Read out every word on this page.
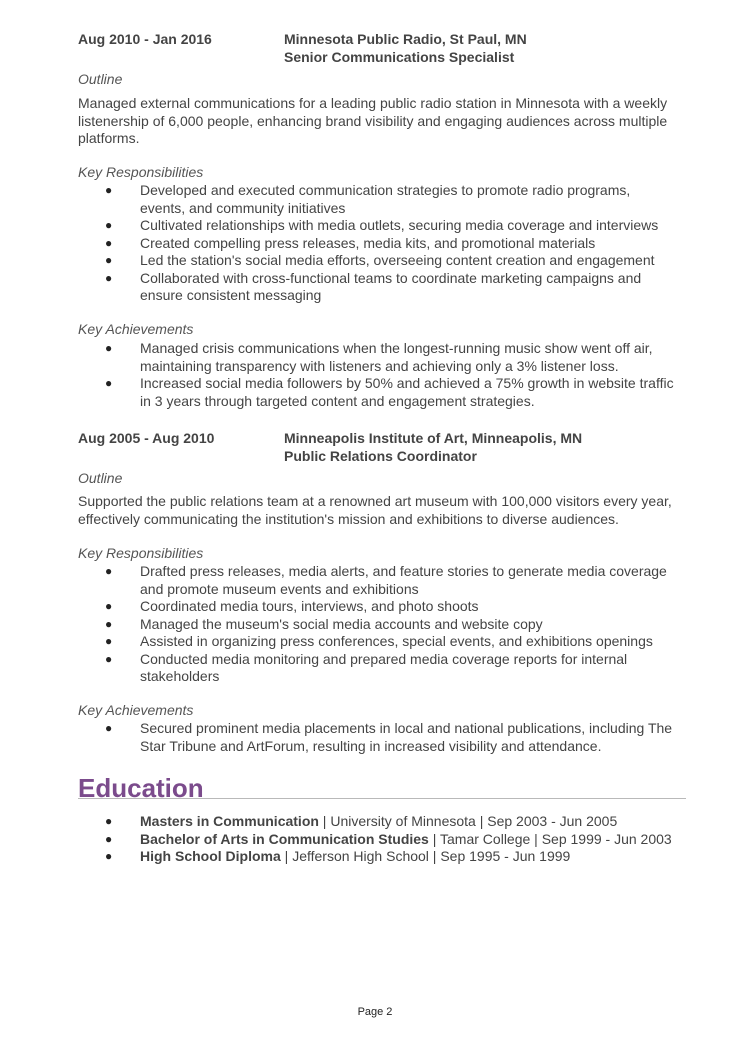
Aug 2010 - Jan 2016	Minnesota Public Radio, St Paul, MN
Senior Communications Specialist
Outline

Managed external communications for a leading public radio station in Minnesota with a weekly listenership of 6,000 people, enhancing brand visibility and engaging audiences across multiple platforms.

Key Responsibilities
● Developed and executed communication strategies to promote radio programs, events, and community initiatives
● Cultivated relationships with media outlets, securing media coverage and interviews
● Created compelling press releases, media kits, and promotional materials
● Led the station's social media efforts, overseeing content creation and engagement
● Collaborated with cross-functional teams to coordinate marketing campaigns and ensure consistent messaging
Key Achievements
● Managed crisis communications when the longest-running music show went off air, maintaining transparency with listeners and achieving only a 3% listener loss.
● Increased social media followers by 50% and achieved a 75% growth in website traffic in 3 years through targeted content and engagement strategies.
Aug 2005 - Aug 2010	Minneapolis Institute of Art, Minneapolis, MN
Public Relations Coordinator
Outline

Supported the public relations team at a renowned art museum with 100,000 visitors every year, effectively communicating the institution's mission and exhibitions to diverse audiences.

Key Responsibilities
● Drafted press releases, media alerts, and feature stories to generate media coverage and promote museum events and exhibitions
● Coordinated media tours, interviews, and photo shoots
● Managed the museum's social media accounts and website copy
● Assisted in organizing press conferences, special events, and exhibitions openings
● Conducted media monitoring and prepared media coverage reports for internal stakeholders
Key Achievements
● Secured prominent media placements in local and national publications, including The Star Tribune and ArtForum, resulting in increased visibility and attendance.
Education
● Masters in Communication | University of Minnesota | Sep 2003 - Jun 2005
● Bachelor of Arts in Communication Studies | Tamar College | Sep 1999 - Jun 2003
● High School Diploma | Jefferson High School | Sep 1995 - Jun 1999
Page 2
